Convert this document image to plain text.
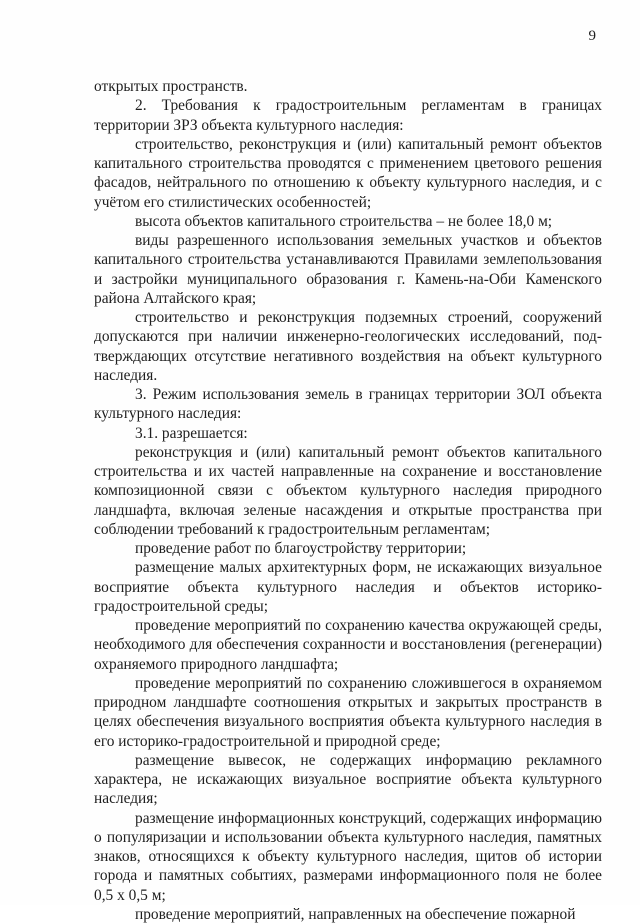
9

открытых пространств.

2. Требования к градостроительным регламентам в границах территории ЗРЗ объекта культурного наследия:

строительство, реконструкция и (или) капитальный ремонт объектов капитального строительства проводятся с применением цветового решения фасадов, нейтрального по отношению к объекту культурного наследия, и с учётом его стилистических особенностей;

высота объектов капитального строительства – не более 18,0 м;

виды разрешенного использования земельных участков и объектов капитального строительства устанавливаются Правилами землепользования и застройки муниципального образования г. Камень-на-Оби Каменского района Алтайского края;

строительство и реконструкция подземных строений, сооружений допускаются при наличии инженерно-геологических исследований, подтверждающих отсутствие негативного воздействия на объект культурного наследия.

3. Режим использования земель в границах территории ЗОЛ объекта культурного наследия:

3.1. разрешается:

реконструкция и (или) капитальный ремонт объектов капитального строительства и их частей направленные на сохранение и восстановление композиционной связи с объектом культурного наследия природного ландшафта, включая зеленые насаждения и открытые пространства при соблюдении требований к градостроительным регламентам;

проведение работ по благоустройству территории;

размещение малых архитектурных форм, не искажающих визуальное восприятие объекта культурного наследия и объектов историко-градостроительной среды;

проведение мероприятий по сохранению качества окружающей среды, необходимого для обеспечения сохранности и восстановления (регенерации) охраняемого природного ландшафта;

проведение мероприятий по сохранению сложившегося в охраняемом природном ландшафте соотношения открытых и закрытых пространств в целях обеспечения визуального восприятия объекта культурного наследия в его историко-градостроительной и природной среде;

размещение вывесок, не содержащих информацию рекламного характера, не искажающих визуальное восприятие объекта культурного наследия;

размещение информационных конструкций, содержащих информацию о популяризации и использовании объекта культурного наследия, памятных знаков, относящихся к объекту культурного наследия, щитов об истории города и памятных событиях, размерами информационного поля не более 0,5 х 0,5 м;

проведение мероприятий, направленных на обеспечение пожарной
